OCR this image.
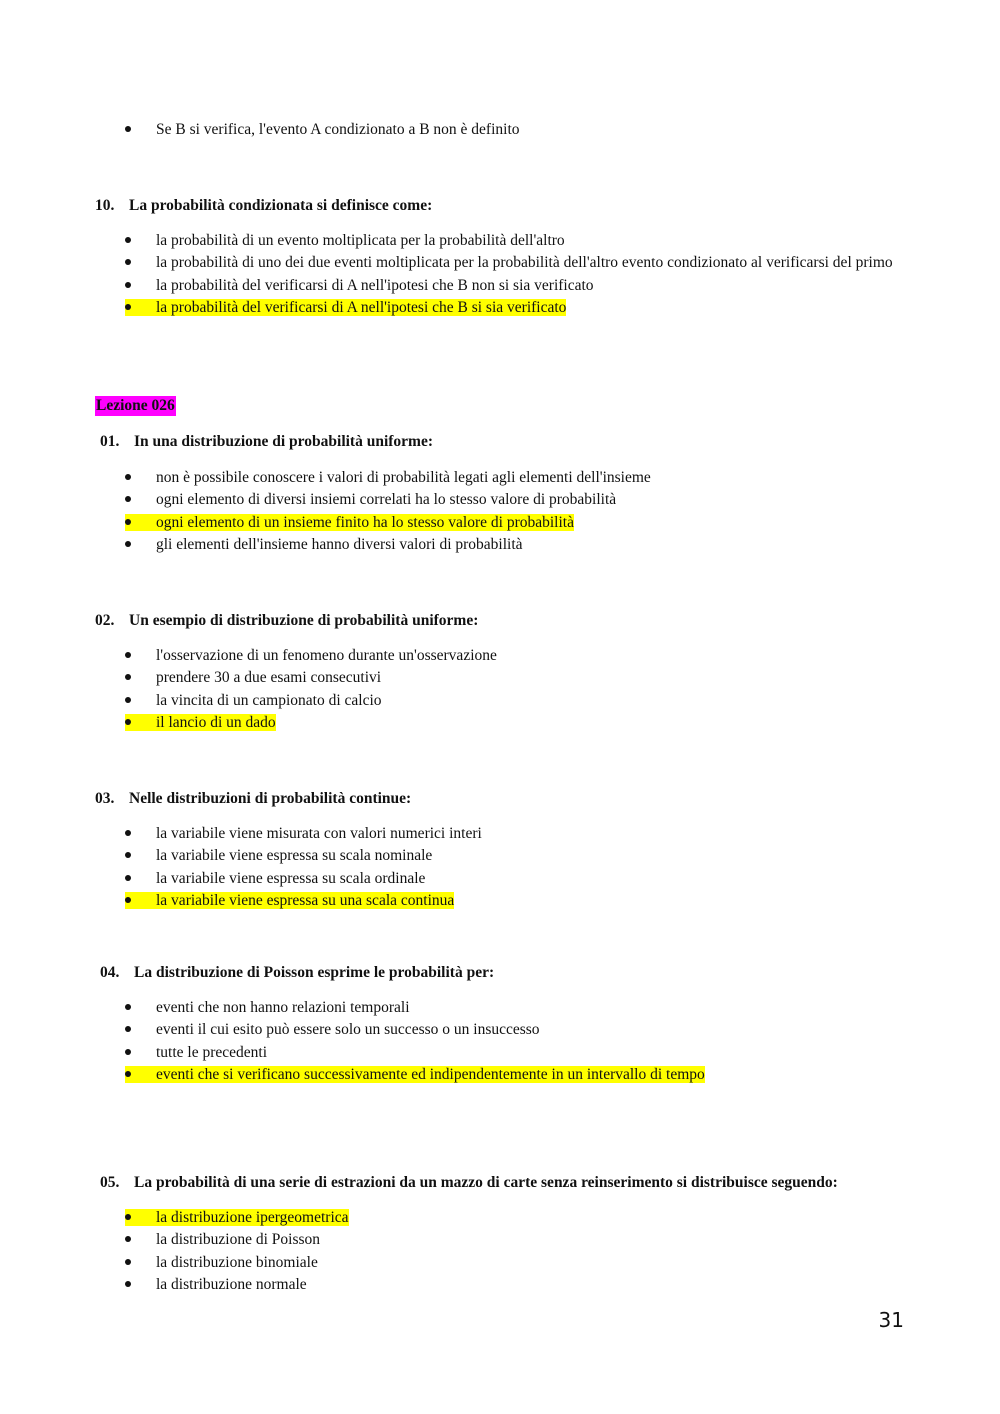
Se B si verifica, l'evento A condizionato a B non è definito
10. La probabilità condizionata si definisce come:
la probabilità di un evento moltiplicata per la probabilità dell'altro
la probabilità di uno dei due eventi moltiplicata per la probabilità dell'altro evento condizionato al verificarsi del primo
la probabilità del verificarsi di A nell'ipotesi che B non si sia verificato
la probabilità del verificarsi di A nell'ipotesi che B si sia verificato
Lezione 026
01. In una distribuzione di probabilità uniforme:
non è possibile conoscere i valori di probabilità legati agli elementi dell'insieme
ogni elemento di diversi insiemi correlati ha lo stesso valore di probabilità
ogni elemento di un insieme finito ha lo stesso valore di probabilità
gli elementi dell'insieme hanno diversi valori di probabilità
02. Un esempio di distribuzione di probabilità uniforme:
l'osservazione di un fenomeno durante un'osservazione
prendere 30 a due esami consecutivi
la vincita di un campionato di calcio
il lancio di un dado
03. Nelle distribuzioni di probabilità continue:
la variabile viene misurata con valori numerici interi
la variabile viene espressa su scala nominale
la variabile viene espressa su scala ordinale
la variabile viene espressa su una scala continua
04. La distribuzione di Poisson esprime le probabilità per:
eventi che non hanno relazioni temporali
eventi il cui esito può essere solo un successo o un insuccesso
tutte le precedenti
eventi che si verificano successivamente ed indipendentemente in un intervallo di tempo
05. La probabilità di una serie di estrazioni da un mazzo di carte senza reinserimento si distribuisce seguendo:
la distribuzione ipergeometrica
la distribuzione di Poisson
la distribuzione binomiale
la distribuzione normale
31
